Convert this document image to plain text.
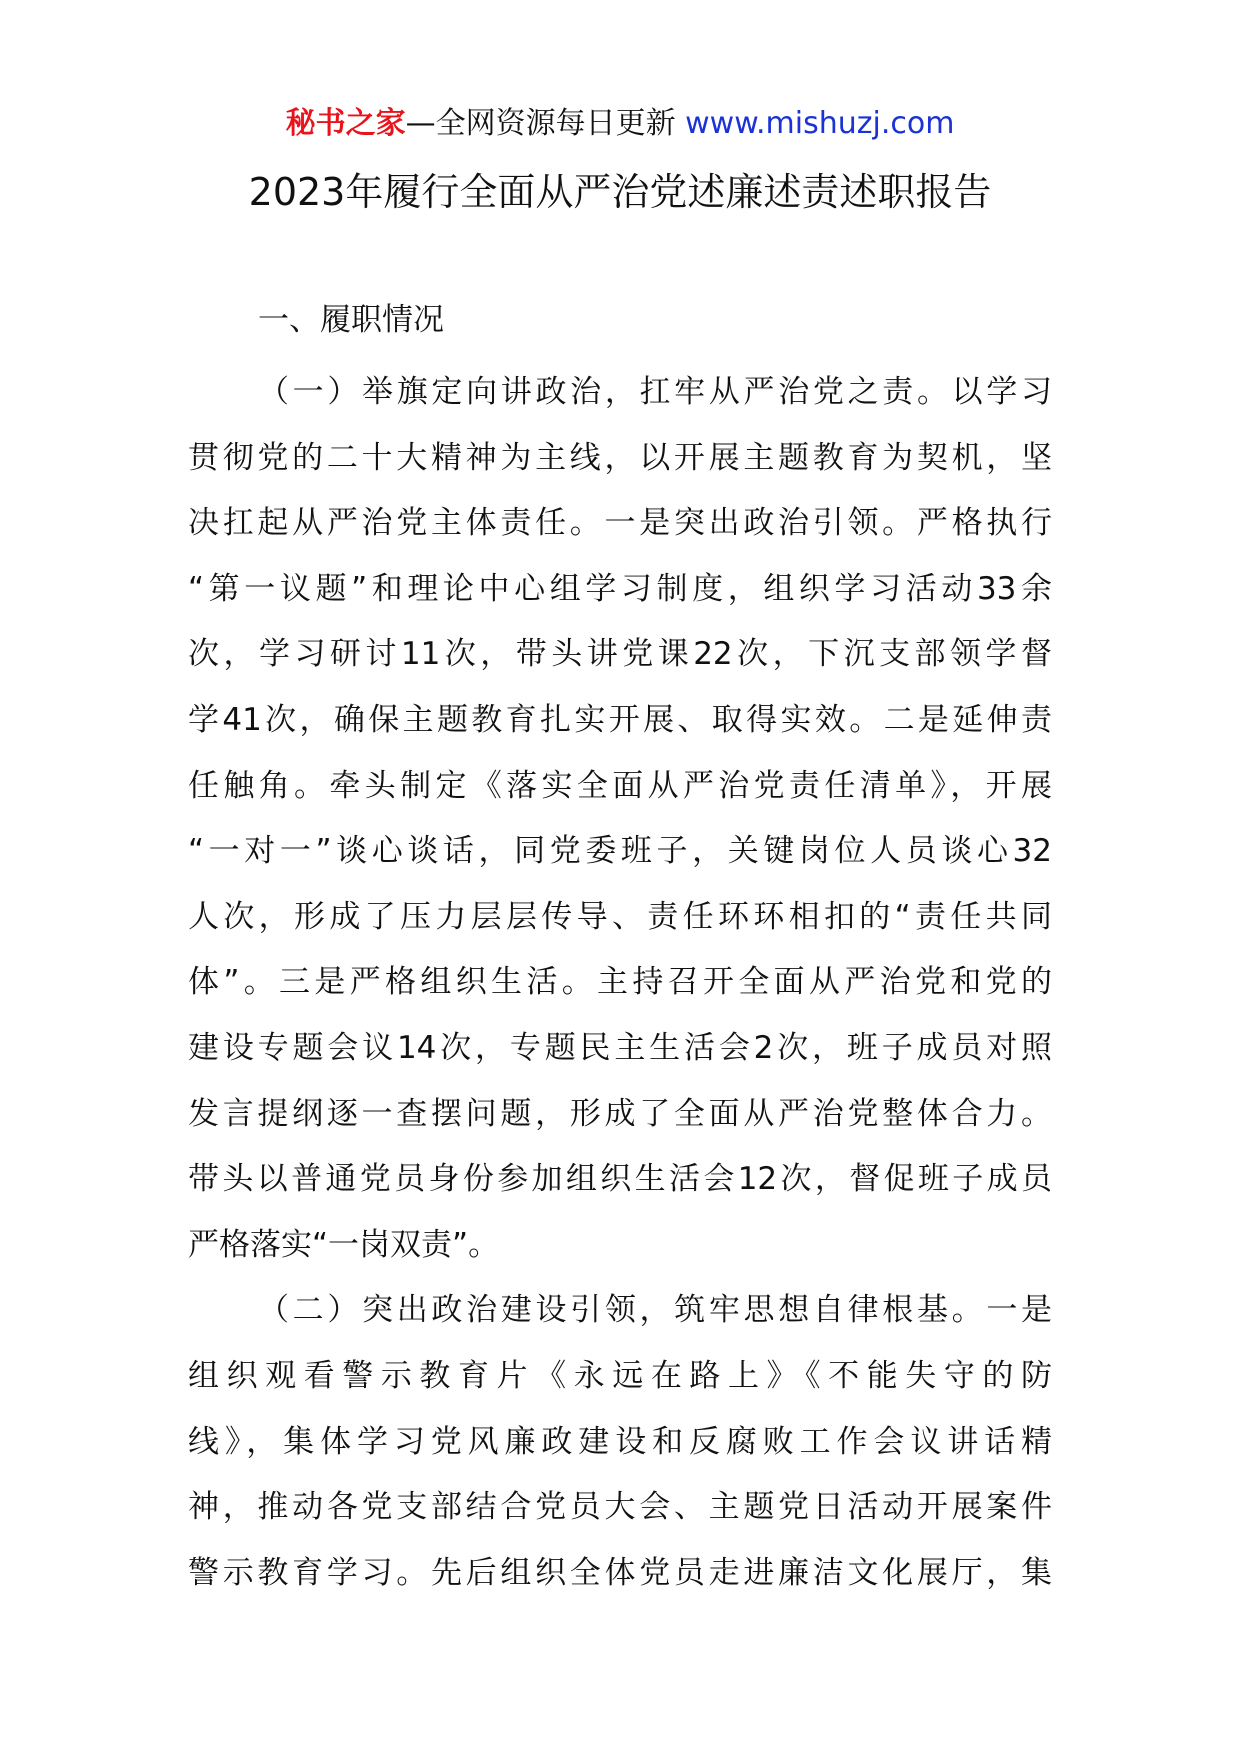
秘书之家—全网资源每日更新 www.mishuzj.com
2023年履行全面从严治党述廉述责述职报告
一、履职情况
（一）举旗定向讲政治，扛牢从严治党之责。以学习
贯彻党的二十大精神为主线，以开展主题教育为契机，坚
决扛起从严治党主体责任。一是突出政治引领。严格执行
“第一议题”和理论中心组学习制度，组织学习活动33余
次，学习研讨11次，带头讲党课22次，下沉支部领学督
学41次，确保主题教育扎实开展、取得实效。二是延伸责
任触角。牵头制定《落实全面从严治党责任清单》，开展
“一对一”谈心谈话，同党委班子，关键岗位人员谈心32
人次，形成了压力层层传导、责任环环相扣的“责任共同
体”。三是严格组织生活。主持召开全面从严治党和党的
建设专题会议14次，专题民主生活会2次，班子成员对照
发言提纲逐一查摆问题，形成了全面从严治党整体合力。
带头以普通党员身份参加组织生活会12次，督促班子成员
严格落实“一岗双责”。
（二）突出政治建设引领，筑牢思想自律根基。一是
组织观看警示教育片《永远在路上》《不能失守的防
线》，集体学习党风廉政建设和反腐败工作会议讲话精
神，推动各党支部结合党员大会、主题党日活动开展案件
警示教育学习。先后组织全体党员走进廉洁文化展厅，集
